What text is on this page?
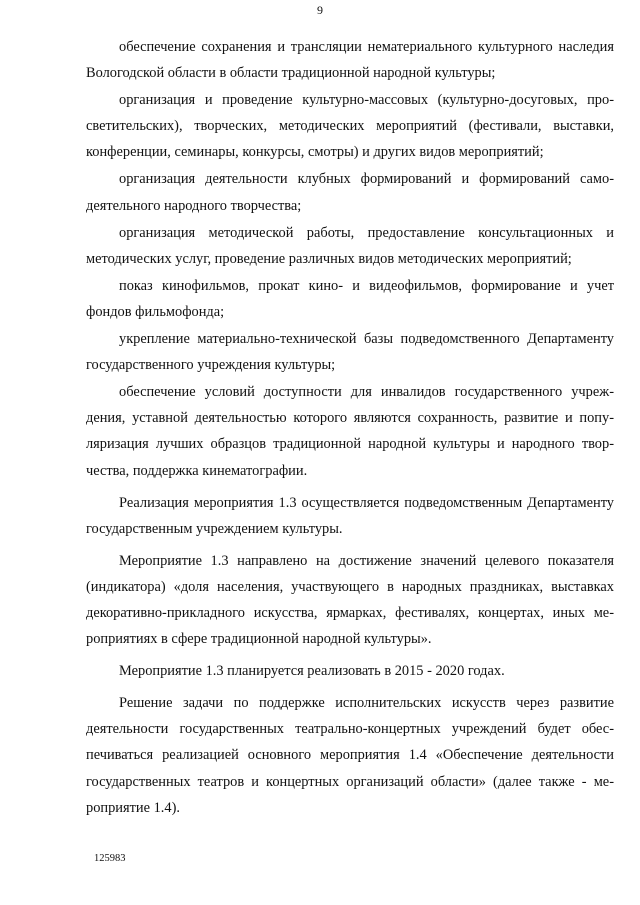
9

обеспечение сохранения и трансляции нематериального культурного наследия Вологодской области в области традиционной народной культуры;

организация и проведение культурно-массовых (культурно-досуговых, просветительских), творческих, методических мероприятий (фестивали, выставки, конференции, семинары, конкурсы, смотры) и других видов мероприятий;

организация деятельности клубных формирований и формирований самодеятельного народного творчества;

организация методической работы, предоставление консультационных и методических услуг, проведение различных видов методических мероприятий;

показ кинофильмов, прокат кино- и видеофильмов, формирование и учет фондов фильмофонда;

укрепление материально-технической базы подведомственного Департаменту государственного учреждения культуры;

обеспечение условий доступности для инвалидов государственного учреждения, уставной деятельностью которого являются сохранность, развитие и популяризация лучших образцов традиционной народной культуры и народного творчества, поддержка кинематографии.

Реализация мероприятия 1.3 осуществляется подведомственным Департаменту государственным учреждением культуры.

Мероприятие 1.3 направлено на достижение значений целевого показателя (индикатора) «доля населения, участвующего в народных праздниках, выставках декоративно-прикладного искусства, ярмарках, фестивалях, концертах, иных мероприятиях в сфере традиционной народной культуры».

Мероприятие 1.3 планируется реализовать в 2015 - 2020 годах.

Решение задачи по поддержке исполнительских искусств через развитие деятельности государственных театрально-концертных учреждений будет обеспечиваться реализацией основного мероприятия 1.4 «Обеспечение деятельности государственных театров и концертных организаций области» (далее также - мероприятие 1.4).

125983
